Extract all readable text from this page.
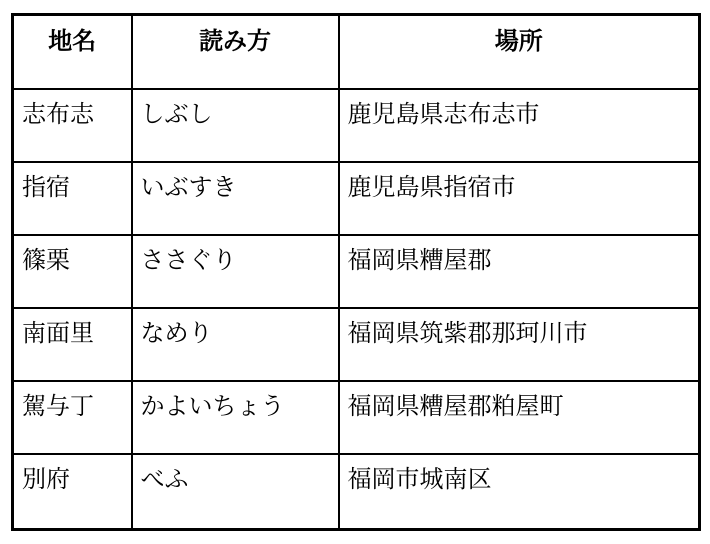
地名	読み方	場所
志布志	しぶし	鹿児島県志布志市
指宿	いぶすき	鹿児島県指宿市
篠栗	ささぐり	福岡県糟屋郡
南面里	なめり	福岡県筑紫郡那珂川市
駕与丁	かよいちょう	福岡県糟屋郡粕屋町
別府	べふ	福岡市城南区
